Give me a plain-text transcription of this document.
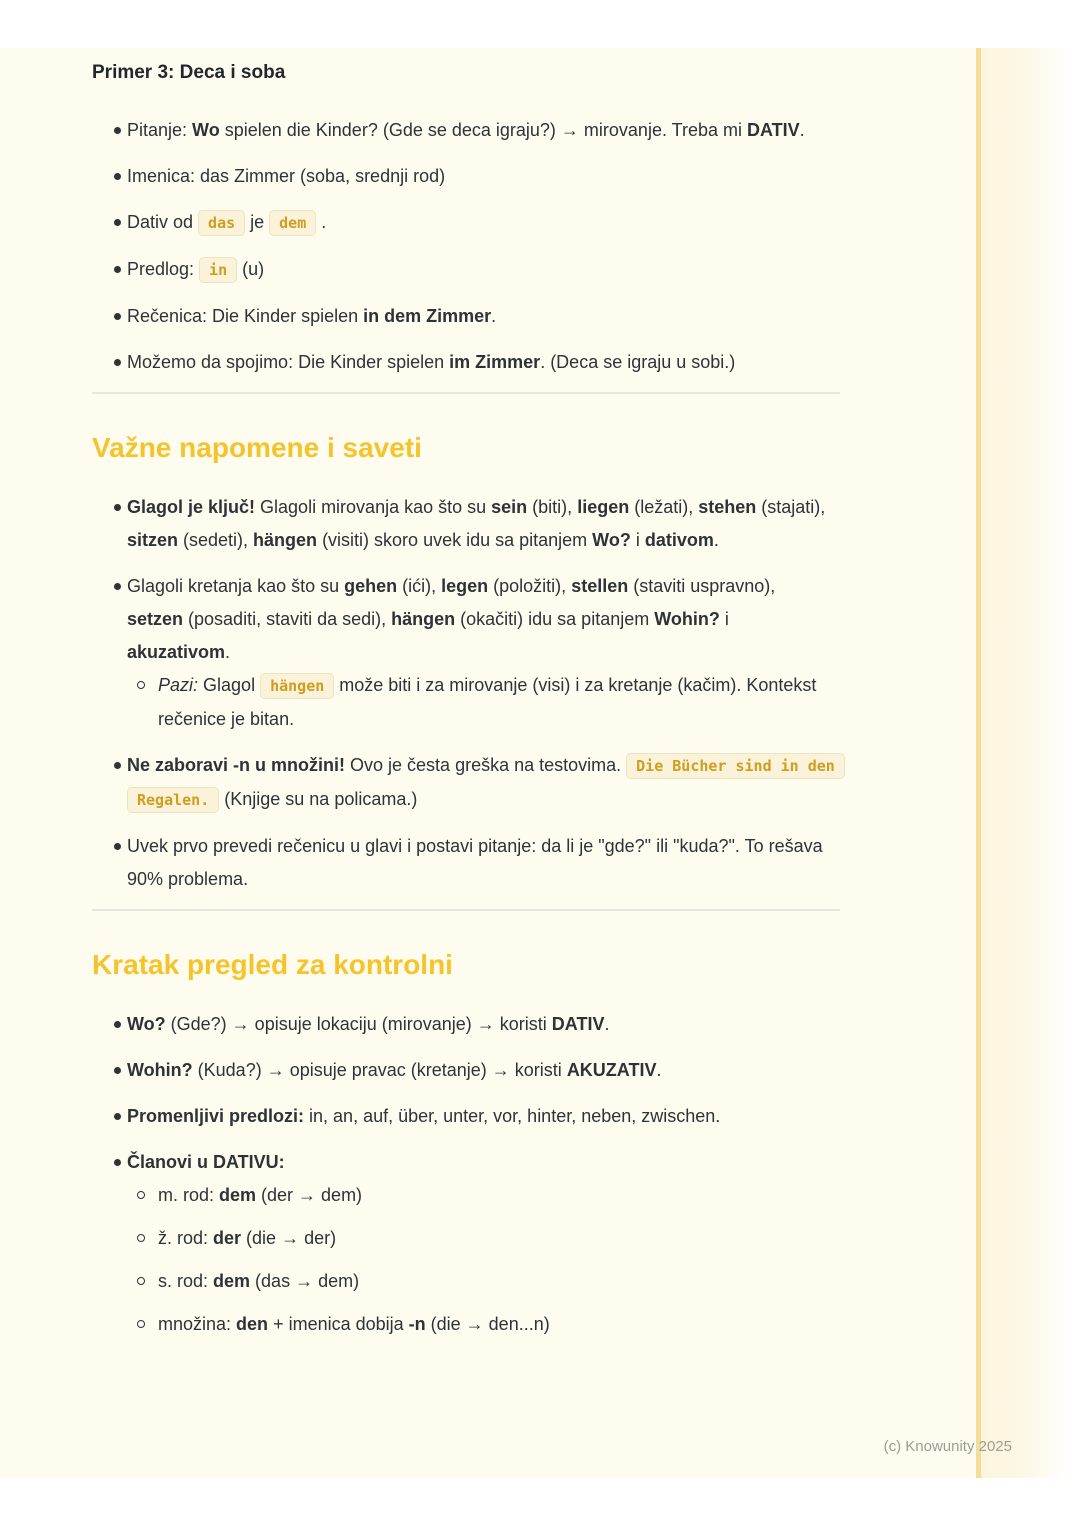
Primer 3: Deca i soba
Pitanje: Wo spielen die Kinder? (Gde se deca igraju?) → mirovanje. Treba mi DATIV.
Imenica: das Zimmer (soba, srednji rod)
Dativ od das je dem .
Predlog: in (u)
Rečenica: Die Kinder spielen in dem Zimmer.
Možemo da spojimo: Die Kinder spielen im Zimmer. (Deca se igraju u sobi.)
Važne napomene i saveti
Glagol je ključ! Glagoli mirovanja kao što su sein (biti), liegen (ležati), stehen (stajati), sitzen (sedeti), hängen (visiti) skoro uvek idu sa pitanjem Wo? i dativom.
Glagoli kretanja kao što su gehen (ići), legen (položiti), stellen (staviti uspravno), setzen (posaditi, staviti da sedi), hängen (okačiti) idu sa pitanjem Wohin? i akuzativom.
Pazi: Glagol hängen može biti i za mirovanje (visi) i za kretanje (kačim). Kontekst rečenice je bitan.
Ne zaboravi -n u množini! Ovo je česta greška na testovima. Die Bücher sind in den Regalen. (Knjige su na policama.)
Uvek prvo prevedi rečenicu u glavi i postavi pitanje: da li je "gde?" ili "kuda?". To rešava 90% problema.
Kratak pregled za kontrolni
Wo? (Gde?) → opisuje lokaciju (mirovanje) → koristi DATIV.
Wohin? (Kuda?) → opisuje pravac (kretanje) → koristi AKUZATIV.
Promenljivi predlozi: in, an, auf, über, unter, vor, hinter, neben, zwischen.
Članovi u DATIVU:
m. rod: dem (der → dem)
ž. rod: der (die → der)
s. rod: dem (das → dem)
množina: den + imenica dobija -n (die → den...n)
(c) Knowunity 2025
